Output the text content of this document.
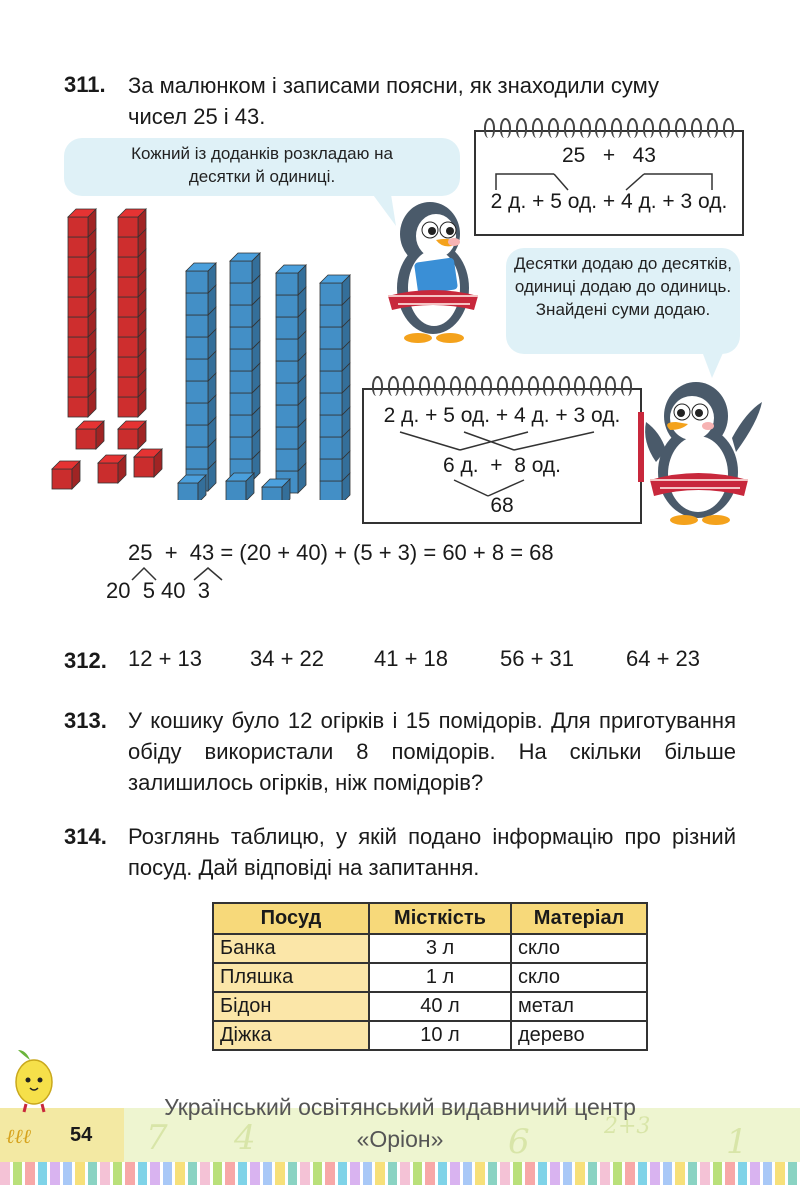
311. За малюнком і записами поясни, як знаходили суму
чисел 25 і 43.
Кожний із доданків розкладаю на десятки й одиниці.
25   +   43
2 д. + 5 од. + 4 д. + 3 од.
Десятки додаю до десятків, одиниці додаю до одиниць. Знайдені суми додаю.
2 д. + 5 од. + 4 д. + 3 од.
6 д.  +  8 од.
68
25  +  43 = (20 + 40) + (5 + 3) = 60 + 8 = 68
20  5 40  3
312. 12 + 13 34 + 22 41 + 18 56 + 31 64 + 23
313. У кошику було 12 огірків і 15 помідорів. Для приготування обіду використали 8 помідорів. На скільки більше залишилось огірків, ніж помідорів?
314. Розглянь таблицю, у якій подано інформацію про різний посуд. Дай відповіді на запитання.
Посуд	Місткість	Матеріал
Банка	3 л	скло
Пляшка	1 л	скло
Бідон	40 л	метал
Діжка	10 л	дерево
ℓℓℓ 54 7 4	6	2+3 1
Український освітянський видавничий центр
«Оріон»
